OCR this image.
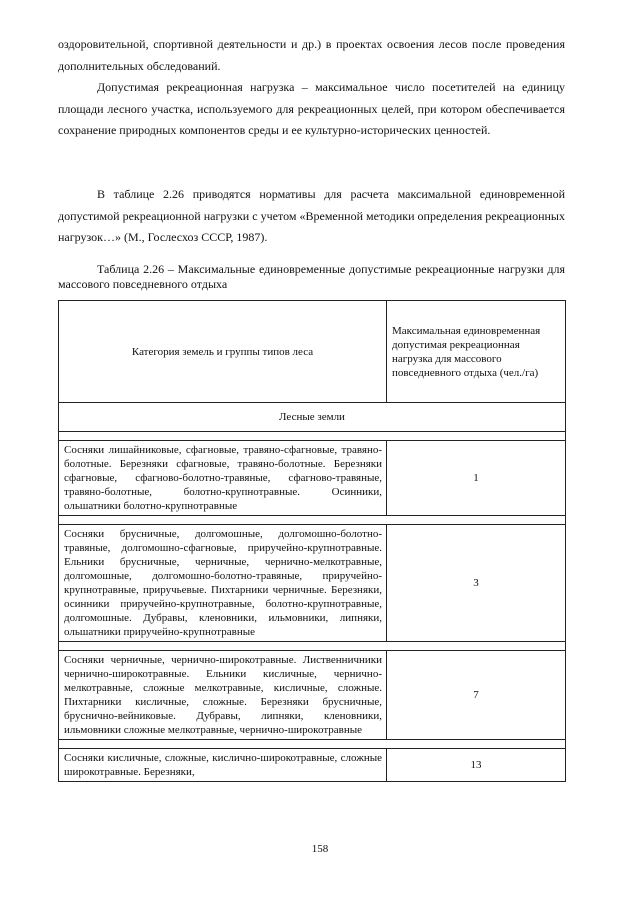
оздоровительной, спортивной деятельности и др.) в проектах освоения лесов после проведения дополнительных обследований.

Допустимая рекреационная нагрузка – максимальное число посетителей на единицу площади лесного участка, используемого для рекреационных целей, при котором обеспечивается сохранение природных компонентов среды и ее культурно-исторических ценностей.

В таблице 2.26 приводятся нормативы для расчета максимальной единовременной допустимой рекреационной нагрузки с учетом «Временной методики определения рекреационных нагрузок…» (М., Гослесхоз СССР, 1987).

Таблица 2.26 – Максимальные единовременные допустимые рекреационные нагрузки для массового повседневного отдыха

Категория земель и группы типов леса	Максимальная единовременная допустимая рекреационная нагрузка для массового повседневного отдыха (чел./га)
Лесные земли	

Сосняки лишайниковые, сфагновые, травяно-сфагновые, травяно-болотные. Березняки сфагновые, травяно-болотные. Березняки сфагновые, сфагново-болотно-травяные, сфагново-травяные, травяно-болотные, болотно-крупнотравные. Осинники, ольшатники болотно-крупнотравные	1

Сосняки брусничные, долгомошные, долгомошно-болотно-травяные, долгомошно-сфагновые, приручейно-крупнотравные. Ельники брусничные, черничные, чернично-мелкотравные, долгомошные, долгомошно-болотно-травяные, приручейно-крупнотравные, приручьевые. Пихтарники черничные. Березняки, осинники приручейно-крупнотравные, болотно-крупнотравные, долгомошные. Дубравы, кленовники, ильмовники, липняки, ольшатники приручейно-крупнотравные	3

Сосняки черничные, чернично-широкотравные. Лиственничники чернично-широкотравные. Ельники кисличные, чернично-мелкотравные, сложные мелкотравные, кисличные, сложные. Пихтарники кисличные, сложные. Березняки брусничные, бруснично-вейниковые. Дубравы, липняки, кленовники, ильмовники сложные мелкотравные, чернично-широкотравные	7

Сосняки кисличные, сложные, кислично-широкотравные, сложные широкотравные. Березняки,	13
158
